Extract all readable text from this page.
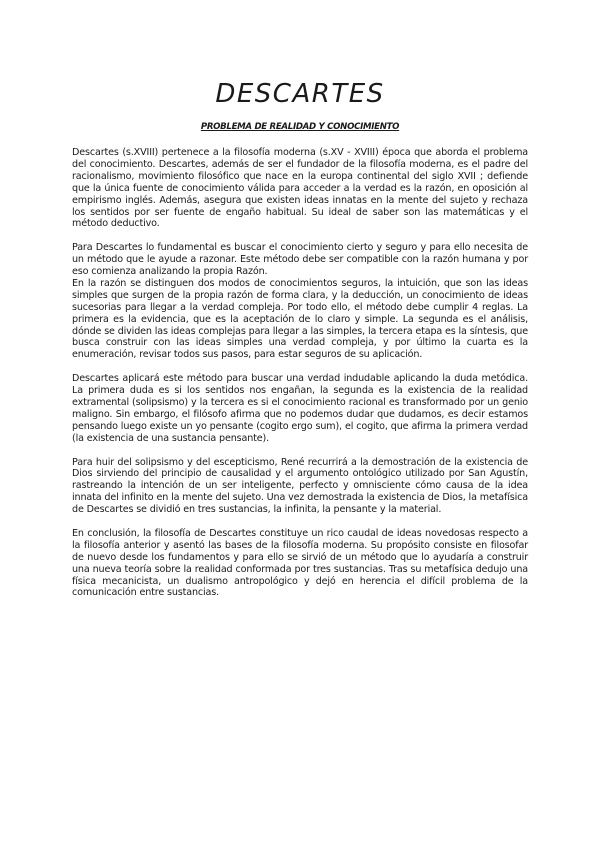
DESCARTES
PROBLEMA DE REALIDAD Y CONOCIMIENTO

Descartes (s.XVIII) pertenece a la filosofía moderna (s.XV - XVIII) época que aborda el problema del conocimiento. Descartes, además de ser el fundador de la filosofía moderna, es el padre del racionalismo, movimiento filosófico que nace en la europa continental del siglo XVII ; defiende que la única fuente de conocimiento válida para acceder a la verdad es la razón, en oposición al empirismo inglés. Además, asegura que existen ideas innatas en la mente del sujeto y rechaza los sentidos por ser fuente de engaño habitual. Su ideal de saber son las matemáticas y el método deductivo.

Para Descartes lo fundamental es buscar el conocimiento cierto y seguro y para ello necesita de un método que le ayude a razonar. Este método debe ser compatible con la razón humana y por eso comienza analizando la propia Razón.

En la razón se distinguen dos modos de conocimientos seguros, la intuición, que son las ideas simples que surgen de la propia razón de forma clara, y la deducción, un conocimiento de ideas sucesorias para llegar a la verdad compleja. Por todo ello, el método debe cumplir 4 reglas. La primera es la evidencia, que es la aceptación de lo claro y simple. La segunda es el análisis, dónde se dividen las ideas complejas para llegar a las simples, la tercera etapa es la síntesis, que busca construir con las ideas simples una verdad compleja, y por último la cuarta es la enumeración, revisar todos sus pasos, para estar seguros de su aplicación.

Descartes aplicará este método para buscar una verdad indudable aplicando la duda metódica. La primera duda es si los sentidos nos engañan, la segunda es la existencia de la realidad extramental (solipsismo) y la tercera es si el conocimiento racional es transformado por un genio maligno. Sin embargo, el filósofo afirma que no podemos dudar que dudamos, es decir estamos pensando luego existe un yo pensante (cogito ergo sum), el cogito, que afirma la primera verdad (la existencia de una sustancia pensante).

Para huir del solipsismo y del escepticismo, René recurrirá a la demostración de la existencia de Dios sirviendo del principio de causalidad y el argumento ontológico utilizado por San Agustín, rastreando la intención de un ser inteligente, perfecto y omnisciente cómo causa de la idea innata del infinito en la mente del sujeto. Una vez demostrada la existencia de Dios, la metafísica de Descartes se dividió en tres sustancias, la infinita, la pensante y la material.

En conclusión, la filosofía de Descartes constituye un rico caudal de ideas novedosas respecto a la filosofía anterior y asentó las bases de la filosofía moderna. Su propósito consiste en filosofar de nuevo desde los fundamentos y para ello se sirvió de un método que lo ayudaría a construir una nueva teoría sobre la realidad conformada por tres sustancias. Tras su metafísica dedujo una física mecanicista, un dualismo antropológico y dejó en herencia el difícil problema de la comunicación entre sustancias.
